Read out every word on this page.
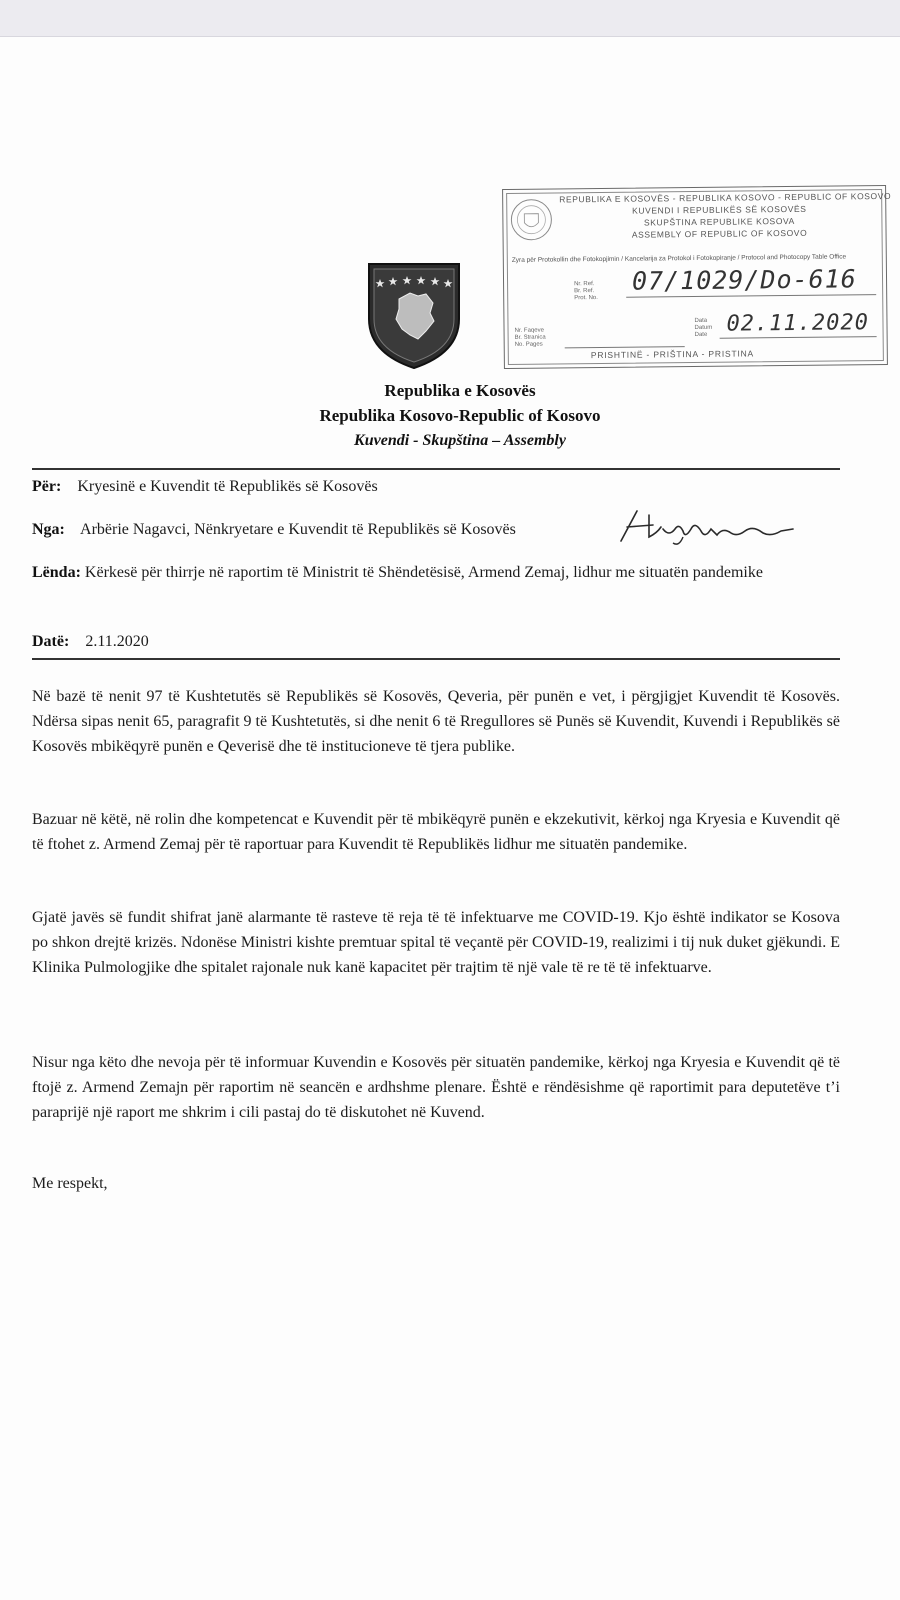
REPUBLIKA E KOSOVËS - REPUBLIKA KOSOVO - REPUBLIC OF KOSOVO
KUVENDI I REPUBLIKËS SË KOSOVËS
SKUPŠTINA REPUBLIKE KOSOVA
ASSEMBLY OF REPUBLIC OF KOSOVO
Zyra për Protokollin dhe Fotokopjimin / Kancelarija za Protokol i Fotokopiranje / Protocol and Photocopy Table Office
Nr. Ref.
Br. Ref.
Prot. No.
07/1029/Do-616
Nr. Faqeve
Br. Stranica
No. Pages
Data
Datum
Date 02.11.2020
PRISHTINË - PRIŠTINA - PRISTINA
Republika e Kosovës
Republika Kosovo-Republic of Kosovo
Kuvendi - Skupština – Assembly
Për: Kryesinë e Kuvendit të Republikës së Kosovës
Nga: Arbërie Nagavci, Nënkryetare e Kuvendit të Republikës së Kosovës
Lënda: Kërkesë për thirrje në raportim të Ministrit të Shëndetësisë, Armend Zemaj, lidhur me situatën pandemike
Datë: 2.11.2020
Në bazë të nenit 97 të Kushtetutës së Republikës së Kosovës, Qeveria, për punën e vet, i përgjigjet Kuvendit të Kosovës. Ndërsa sipas nenit 65, paragrafit 9 të Kushtetutës, si dhe nenit 6 të Rregullores së Punës së Kuvendit, Kuvendi i Republikës së Kosovës mbikëqyrë punën e Qeverisë dhe të institucioneve të tjera publike.
Bazuar në këtë, në rolin dhe kompetencat e Kuvendit për të mbikëqyrë punën e ekzekutivit, kërkoj nga Kryesia e Kuvendit që të ftohet z. Armend Zemaj për të raportuar para Kuvendit të Republikës lidhur me situatën pandemike.
Gjatë javës së fundit shifrat janë alarmante të rasteve të reja të të infektuarve me COVID-19. Kjo është indikator se Kosova po shkon drejtë krizës. Ndonëse Ministri kishte premtuar spital të veçantë për COVID-19, realizimi i tij nuk duket gjëkundi. E Klinika Pulmologjike dhe spitalet rajonale nuk kanë kapacitet për trajtim të një vale të re të të infektuarve.
Nisur nga këto dhe nevoja për të informuar Kuvendin e Kosovës për situatën pandemike, kërkoj nga Kryesia e Kuvendit që të ftojë z. Armend Zemajn për raportim në seancën e ardhshme plenare. Është e rëndësishme që raportimit para deputetëve t’i paraprijë një raport me shkrim i cili pastaj do të diskutohet në Kuvend.
Me respekt,
